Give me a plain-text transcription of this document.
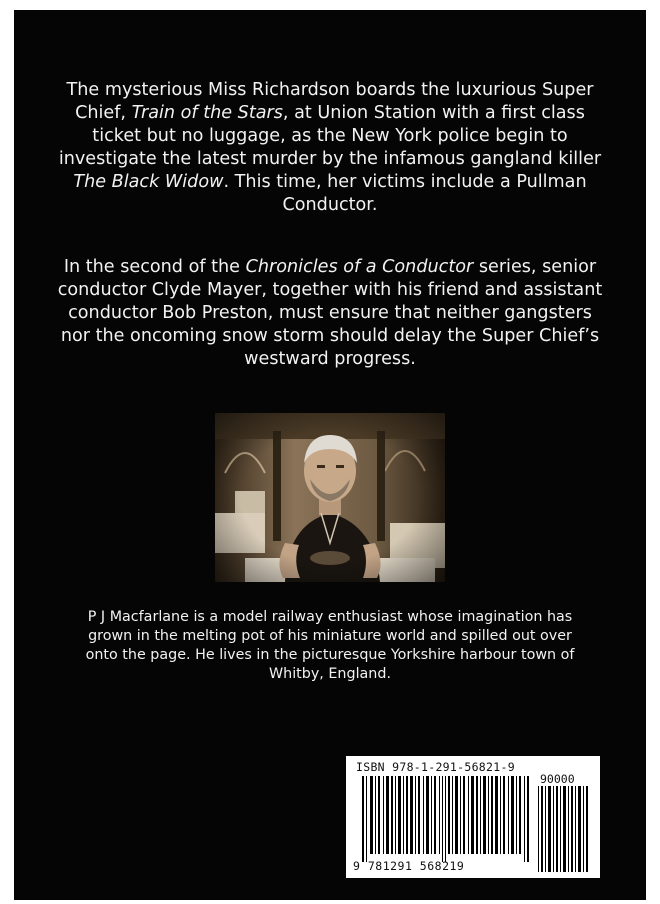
The mysterious Miss Richardson boards the luxurious Super Chief, Train of the Stars, at Union Station with a first class ticket but no luggage, as the New York police begin to investigate the latest murder by the infamous gangland killer The Black Widow. This time, her victims include a Pullman Conductor.

In the second of the Chronicles of a Conductor series, senior conductor Clyde Mayer, together with his friend and assistant conductor Bob Preston, must ensure that neither gangsters nor the oncoming snow storm should delay the Super Chief’s westward progress.

P J Macfarlane is a model railway enthusiast whose imagination has grown in the melting pot of his miniature world and spilled out over onto the page. He lives in the picturesque Yorkshire harbour town of Whitby, England.

ISBN 978-1-291-56821-9
90000
9 781291 568219
